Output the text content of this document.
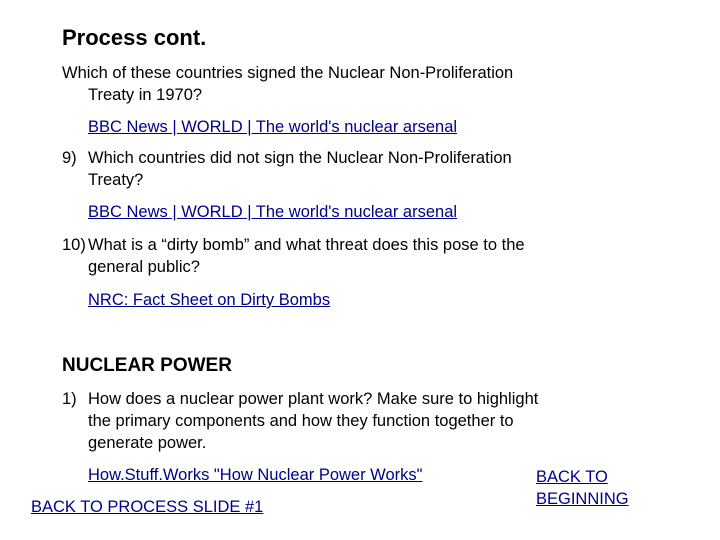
Process cont.
Which of these countries signed the Nuclear Non-Proliferation
Treaty in 1970?
BBC News | WORLD | The world's nuclear arsenal
9) Which countries did not sign the Nuclear Non-Proliferation
Treaty?
BBC News | WORLD | The world's nuclear arsenal
10) What is a “dirty bomb” and what threat does this pose to the
general public?
NRC: Fact Sheet on Dirty Bombs
NUCLEAR POWER
1) How does a nuclear power plant work? Make sure to highlight
the primary components and how they function together to
generate power.
How.Stuff.Works "How Nuclear Power Works"
BACK TO PROCESS SLIDE #1
BACK TO
BEGINNING
